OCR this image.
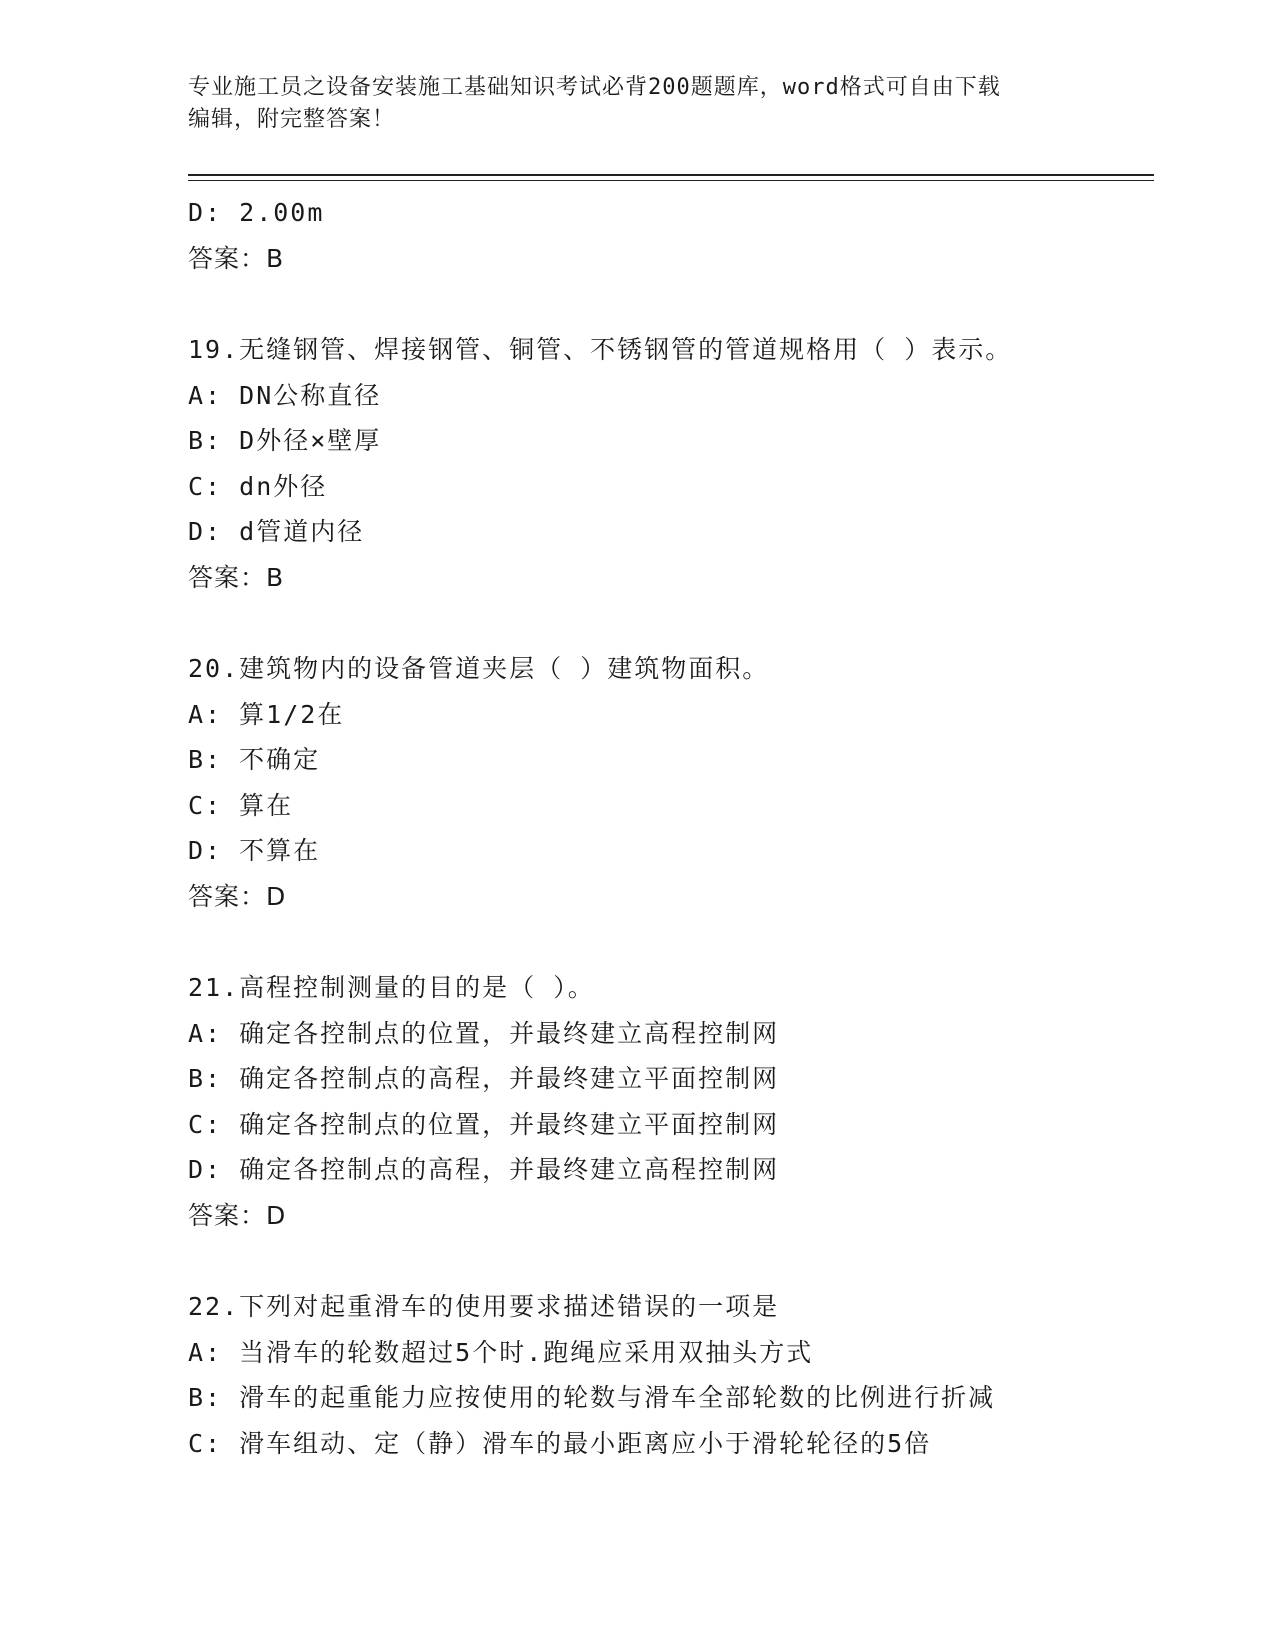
专业施工员之设备安装施工基础知识考试必背200题题库，word格式可自由下载
编辑，附完整答案！
D: 2.00m
答案：B
19.无缝钢管、焊接钢管、铜管、不锈钢管的管道规格用（ ）表示。
A: DN公称直径
B: D外径×壁厚
C: dn外径
D: d管道内径
答案：B
20.建筑物内的设备管道夹层（ ）建筑物面积。
A: 算1/2在
B: 不确定
C: 算在
D: 不算在
答案：D
21.高程控制测量的目的是（ ）。
A: 确定各控制点的位置，并最终建立高程控制网
B: 确定各控制点的高程，并最终建立平面控制网
C: 确定各控制点的位置，并最终建立平面控制网
D: 确定各控制点的高程，并最终建立高程控制网
答案：D
22.下列对起重滑车的使用要求描述错误的一项是
A: 当滑车的轮数超过5个时.跑绳应采用双抽头方式
B: 滑车的起重能力应按使用的轮数与滑车全部轮数的比例进行折减
C: 滑车组动、定（静）滑车的最小距离应小于滑轮轮径的5倍
